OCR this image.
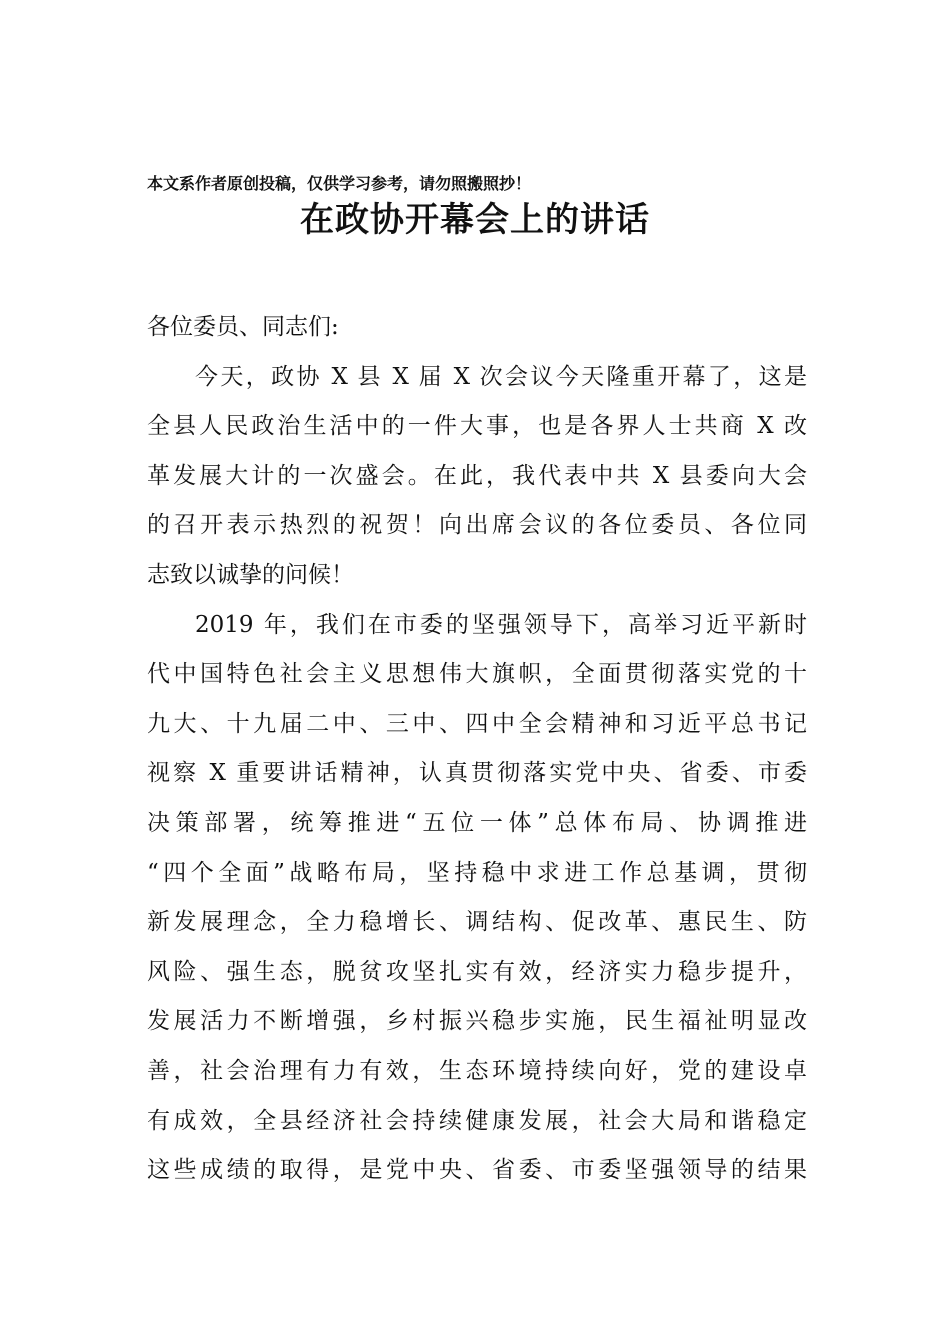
本文系作者原创投稿，仅供学习参考，请勿照搬照抄！
在政协开幕会上的讲话
各位委员、同志们:
今天，政协 X 县 X 届 X 次会议今天隆重开幕了，这是
全县人民政治生活中的一件大事，也是各界人士共商 X 改
革发展大计的一次盛会。在此，我代表中共 X 县委向大会
的召开表示热烈的祝贺！向出席会议的各位委员、各位同
志致以诚挚的问候！
2019 年，我们在市委的坚强领导下，高举习近平新时
代中国特色社会主义思想伟大旗帜，全面贯彻落实党的十
九大、十九届二中、三中、四中全会精神和习近平总书记
视察 X 重要讲话精神，认真贯彻落实党中央、省委、市委
决策部署，统筹推进“五位一体”总体布局、协调推进
“四个全面”战略布局，坚持稳中求进工作总基调，贯彻
新发展理念，全力稳增长、调结构、促改革、惠民生、防
风险、强生态，脱贫攻坚扎实有效，经济实力稳步提升，
发展活力不断增强，乡村振兴稳步实施，民生福祉明显改
善，社会治理有力有效，生态环境持续向好，党的建设卓
有成效，全县经济社会持续健康发展，社会大局和谐稳定
这些成绩的取得，是党中央、省委、市委坚强领导的结果
